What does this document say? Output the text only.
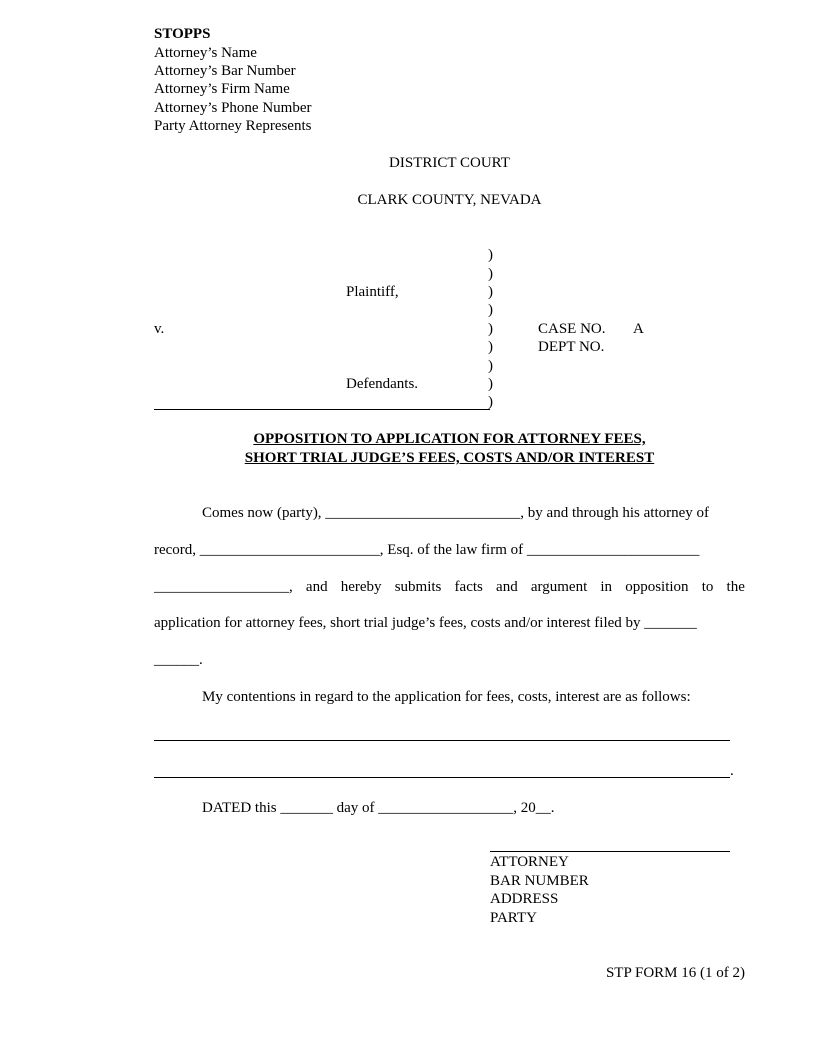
STOPPS
Attorney’s Name
Attorney’s Bar Number
Attorney’s Firm Name
Attorney’s Phone Number
Party Attorney Represents
DISTRICT COURT
CLARK COUNTY, NEVADA
Plaintiff,
v.
Defendants.
)
)
)
)
)
)
)
)
)
CASE NO. A
DEPT NO.
OPPOSITION TO APPLICATION FOR ATTORNEY FEES,
SHORT TRIAL JUDGE’S FEES, COSTS AND/OR INTEREST
Comes now (party), __________________________, by and through his attorney of
record, ________________________, Esq. of the law firm of _______________________
__________________, and hereby submits facts and argument in opposition to the
application for attorney fees, short trial judge’s fees, costs and/or interest filed by _______
______.
My contentions in regard to the application for fees, costs, interest are as follows:
.
DATED this _______ day of __________________, 20__.
ATTORNEY
BAR NUMBER
ADDRESS
PARTY
STP FORM 16 (1 of 2)
